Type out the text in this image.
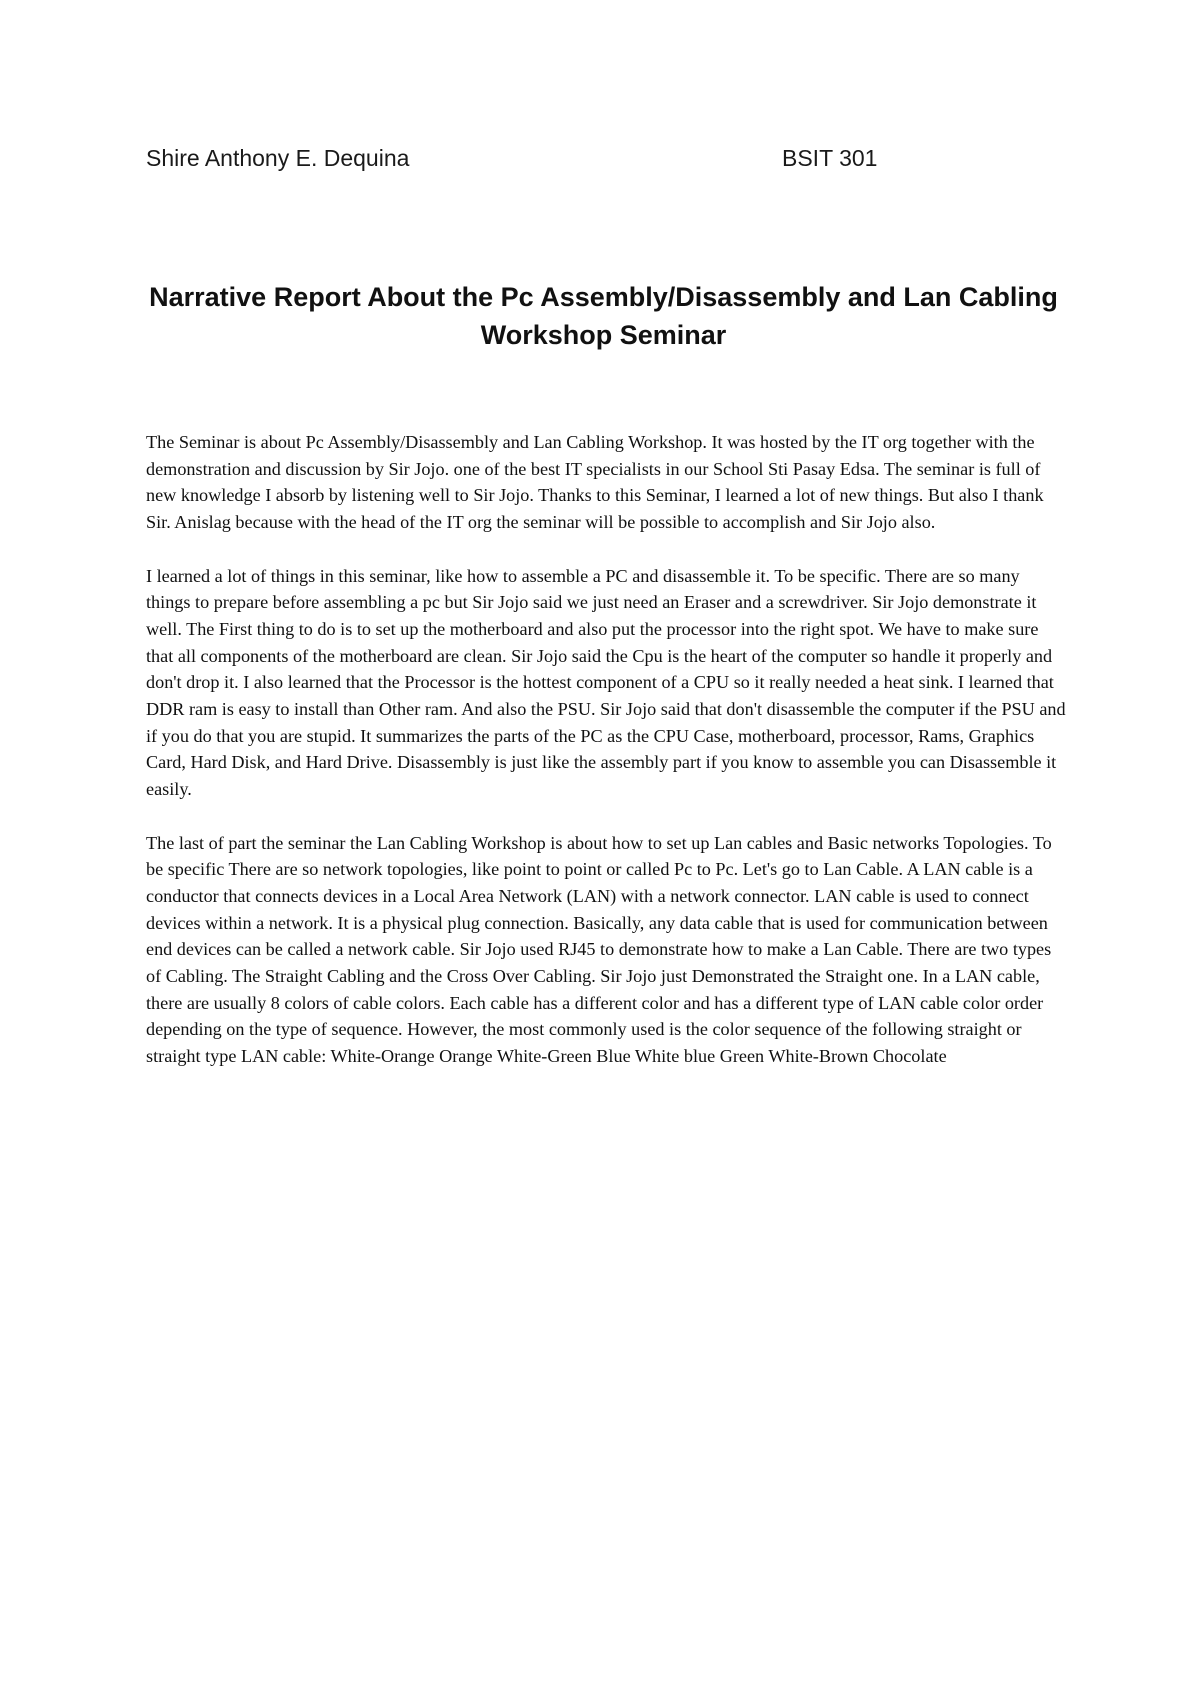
Shire Anthony E. Dequina	BSIT 301
Narrative Report About the Pc Assembly/Disassembly and Lan Cabling Workshop Seminar

The Seminar is about Pc Assembly/Disassembly and Lan Cabling Workshop. It was hosted by the IT org together with the demonstration and discussion by Sir Jojo. one of the best IT specialists in our School Sti Pasay Edsa. The seminar is full of new knowledge I absorb by listening well to Sir Jojo. Thanks to this Seminar, I learned a lot of new things. But also I thank Sir. Anislag because with the head of the IT org the seminar will be possible to accomplish and Sir Jojo also.

I learned a lot of things in this seminar, like how to assemble a PC and disassemble it. To be specific. There are so many things to prepare before assembling a pc but Sir Jojo said we just need an Eraser and a screwdriver. Sir Jojo demonstrate it well. The First thing to do is to set up the motherboard and also put the processor into the right spot. We have to make sure that all components of the motherboard are clean. Sir Jojo said the Cpu is the heart of the computer so handle it properly and don't drop it. I also learned that the Processor is the hottest component of a CPU so it really needed a heat sink. I learned that DDR ram is easy to install than Other ram. And also the PSU. Sir Jojo said that don't disassemble the computer if the PSU and if you do that you are stupid. It summarizes the parts of the PC as the CPU Case, motherboard, processor, Rams, Graphics Card, Hard Disk, and Hard Drive. Disassembly is just like the assembly part if you know to assemble you can Disassemble it easily.

The last of part the seminar the Lan Cabling Workshop is about how to set up Lan cables and Basic networks Topologies. To be specific There are so network topologies, like point to point or called Pc to Pc. Let's go to Lan Cable. A LAN cable is a conductor that connects devices in a Local Area Network (LAN) with a network connector. LAN cable is used to connect devices within a network. It is a physical plug connection. Basically, any data cable that is used for communication between end devices can be called a network cable. Sir Jojo used RJ45 to demonstrate how to make a Lan Cable. There are two types of Cabling. The Straight Cabling and the Cross Over Cabling. Sir Jojo just Demonstrated the Straight one. In a LAN cable, there are usually 8 colors of cable colors. Each cable has a different color and has a different type of LAN cable color order depending on the type of sequence. However, the most commonly used is the color sequence of the following straight or straight type LAN cable: White-Orange Orange White-Green Blue White blue Green White-Brown Chocolate
